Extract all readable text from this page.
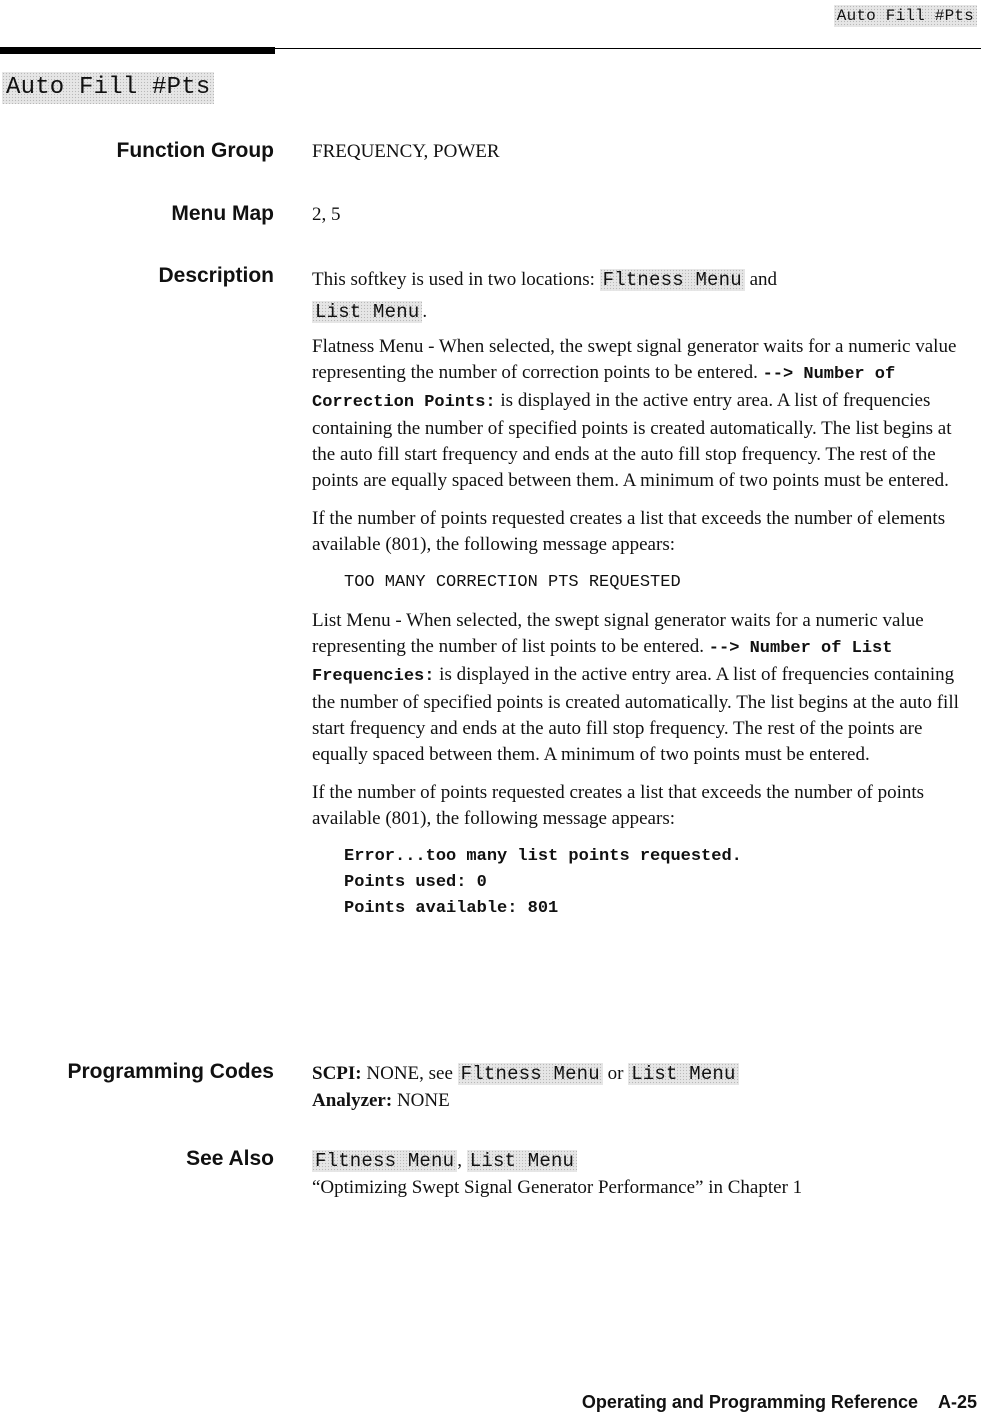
Auto Fill #Pts
Auto Fill #Pts
Function Group FREQUENCY, POWER
Menu Map 2, 5
Description This softkey is used in two locations: Fltness Menu and
List Menu .

Flatness Menu - When selected, the swept signal generator waits for a numeric value representing the number of correction points to be entered. --> Number of Correction Points: is displayed in the active entry area. A list of frequencies containing the number of specified points is created automatically. The list begins at the auto fill start frequency and ends at the auto fill stop frequency. The rest of the points are equally spaced between them. A minimum of two points must be entered.

If the number of points requested creates a list that exceeds the number of elements available (801), the following message appears:

TOO MANY CORRECTION PTS REQUESTED

List Menu - When selected, the swept signal generator waits for a numeric value representing the number of list points to be entered. --> Number of List Frequencies: is displayed in the active entry area. A list of frequencies containing the number of specified points is created automatically. The list begins at the auto fill start frequency and ends at the auto fill stop frequency. The rest of the points are equally spaced between them. A minimum of two points must be entered.

If the number of points requested creates a list that exceeds the number of points available (801), the following message appears:

Error...too many list points requested.
Points used: 0
Points available: 801
Programming Codes SCPI: NONE, see Fltness Menu or List Menu
Analyzer: NONE
See Also Fltness Menu , List Menu
“Optimizing Swept Signal Generator Performance” in Chapter 1
Operating and Programming Reference A-25
